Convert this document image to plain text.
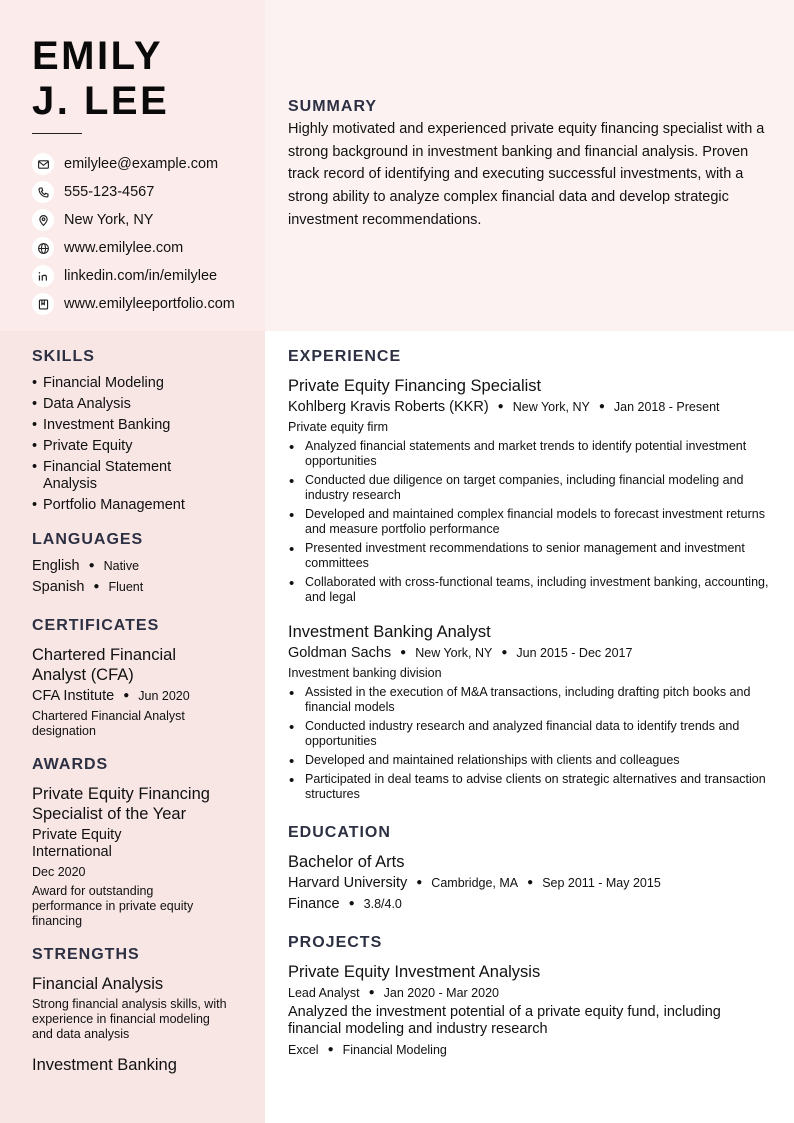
EMILY
J. LEE
emilylee@example.com
555-123-4567
New York, NY
www.emilylee.com
linkedin.com/in/emilylee
www.emilyleeportfolio.com
SUMMARY
Highly motivated and experienced private equity financing specialist with a strong background in investment banking and financial analysis. Proven track record of identifying and executing successful investments, with a strong ability to analyze complex financial data and develop strategic investment recommendations.
SKILLS
• Financial Modeling
• Data Analysis
• Investment Banking
• Private Equity
• Financial Statement Analysis
• Portfolio Management
LANGUAGES
English ● Native
Spanish ● Fluent
CERTIFICATES
Chartered Financial Analyst (CFA)
CFA Institute ● Jun 2020
Chartered Financial Analyst designation
AWARDS
Private Equity Financing Specialist of the Year
Private Equity International
Dec 2020
Award for outstanding performance in private equity financing
STRENGTHS
Financial Analysis
Strong financial analysis skills, with experience in financial modeling and data analysis
Investment Banking
EXPERIENCE
Private Equity Financing Specialist
Kohlberg Kravis Roberts (KKR) ● New York, NY ● Jan 2018 - Present
Private equity firm
• Analyzed financial statements and market trends to identify potential investment opportunities
• Conducted due diligence on target companies, including financial modeling and industry research
• Developed and maintained complex financial models to forecast investment returns and measure portfolio performance
• Presented investment recommendations to senior management and investment committees
• Collaborated with cross-functional teams, including investment banking, accounting, and legal
Investment Banking Analyst
Goldman Sachs ● New York, NY ● Jun 2015 - Dec 2017
Investment banking division
• Assisted in the execution of M&A transactions, including drafting pitch books and financial models
• Conducted industry research and analyzed financial data to identify trends and opportunities
• Developed and maintained relationships with clients and colleagues
• Participated in deal teams to advise clients on strategic alternatives and transaction structures
EDUCATION
Bachelor of Arts
Harvard University ● Cambridge, MA ● Sep 2011 - May 2015
Finance ● 3.8/4.0
PROJECTS
Private Equity Investment Analysis
Lead Analyst ● Jan 2020 - Mar 2020
Analyzed the investment potential of a private equity fund, including financial modeling and industry research
Excel ● Financial Modeling
